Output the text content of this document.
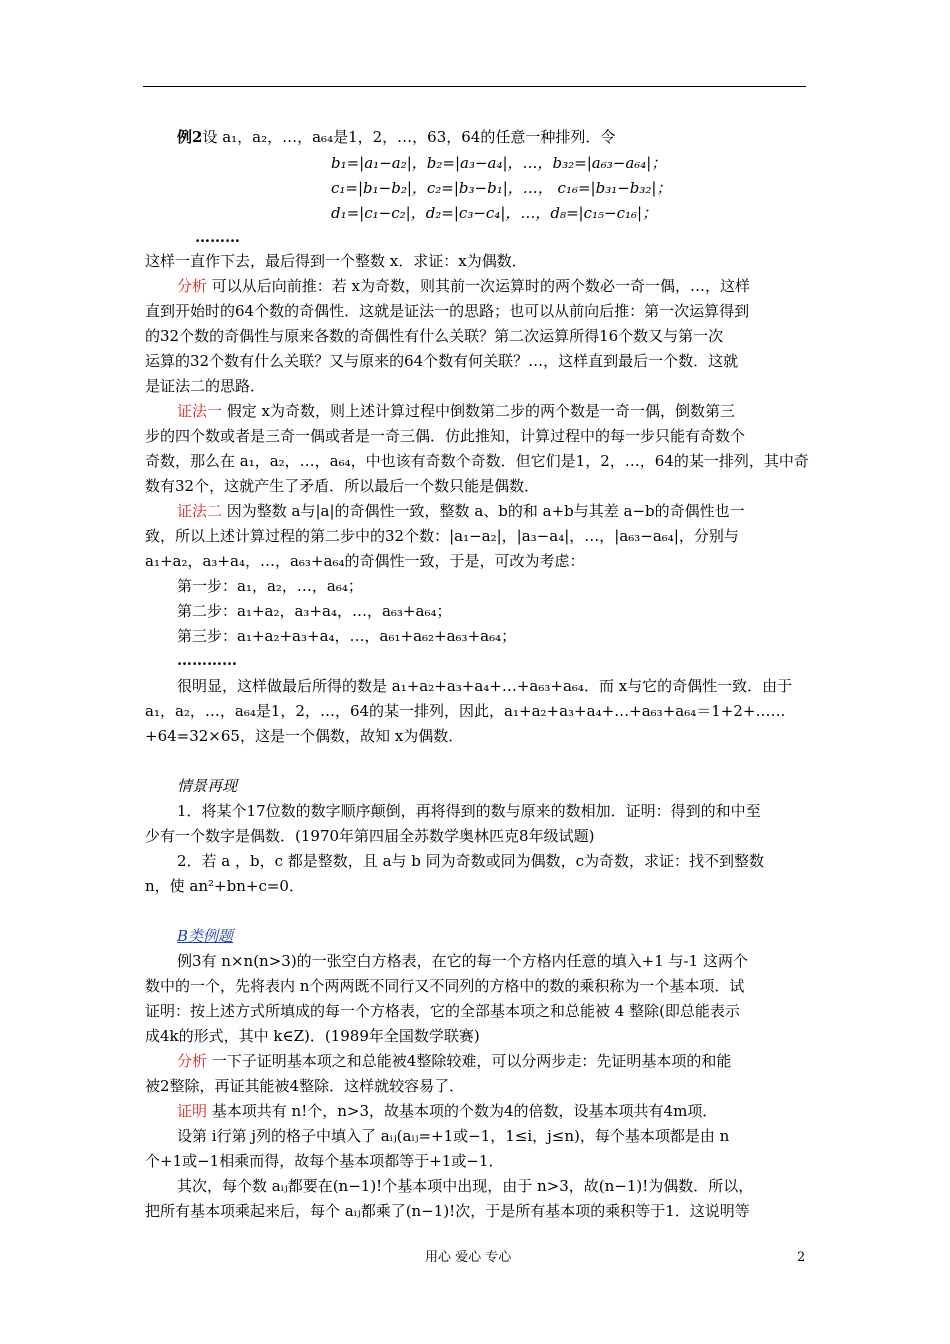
例2设 a₁，a₂，…，a₆₄是1，2，…，63，64的任意一种排列．令
b₁=|a₁−a₂|，b₂=|a₃−a₄|，…，b₃₂=|a₆₃−a₆₄|；
c₁=|b₁−b₂|，c₂=|b₃−b₁|，…， c₁₆=|b₃₁−b₃₂|；
d₁=|c₁−c₂|，d₂=|c₃−c₄|，…，d₈=|c₁₅−c₁₆|；
………
这样一直作下去，最后得到一个整数 x．求证：x为偶数．
分析 可以从后向前推：若 x为奇数，则其前一次运算时的两个数必一奇一偶，…，这样
直到开始时的64个数的奇偶性．这就是证法一的思路；也可以从前向后推：第一次运算得到
的32个数的奇偶性与原来各数的奇偶性有什么关联？第二次运算所得16个数又与第一次
运算的32个数有什么关联？又与原来的64个数有何关联？…，这样直到最后一个数．这就
是证法二的思路．
证法一 假定 x为奇数，则上述计算过程中倒数第二步的两个数是一奇一偶，倒数第三
步的四个数或者是三奇一偶或者是一奇三偶．仿此推知，计算过程中的每一步只能有奇数个
奇数，那么在 a₁，a₂，…，a₆₄，中也该有奇数个奇数．但它们是1，2，…，64的某一排列，其中奇
数有32个，这就产生了矛盾．所以最后一个数只能是偶数．
证法二 因为整数 a与|a|的奇偶性一致，整数 a、b的和 a+b与其差 a−b的奇偶性也一
致，所以上述计算过程的第二步中的32个数：|a₁−a₂|，|a₃−a₄|，…，|a₆₃−a₆₄|，分别与
a₁+a₂，a₃+a₄，…，a₆₃+a₆₄的奇偶性一致，于是，可改为考虑：
第一步：a₁，a₂，…，a₆₄；
第二步：a₁+a₂，a₃+a₄，…，a₆₃+a₆₄；
第三步：a₁+a₂+a₃+a₄，…，a₆₁+a₆₂+a₆₃+a₆₄；
…………
很明显，这样做最后所得的数是 a₁+a₂+a₃+a₄+…+a₆₃+a₆₄．而 x与它的奇偶性一致．由于
a₁，a₂，…，a₆₄是1，2，…，64的某一排列，因此，a₁+a₂+a₃+a₄+…+a₆₃+a₆₄＝1+2+……
+64=32×65，这是一个偶数，故知 x为偶数．
情景再现
1．将某个17位数的数字顺序颠倒，再将得到的数与原来的数相加．证明：得到的和中至
少有一个数字是偶数．(1970年第四届全苏数学奥林匹克8年级试题)
2．若 a ，b，c 都是整数，且 a与 b 同为奇数或同为偶数，c为奇数，求证：找不到整数
n，使 an²+bn+c=0．
B类例题
例3有 n×n(n>3)的一张空白方格表，在它的每一个方格内任意的填入+1 与-1 这两个
数中的一个，先将表内 n个两两既不同行又不同列的方格中的数的乘积称为一个基本项．试
证明：按上述方式所填成的每一个方格表，它的全部基本项之和总能被 4 整除(即总能表示
成4k的形式，其中 k∈Z)．(1989年全国数学联赛)
分析 一下子证明基本项之和总能被4整除较难，可以分两步走：先证明基本项的和能
被2整除，再证其能被4整除．这样就较容易了．
证明 基本项共有 n!个，n>3，故基本项的个数为4的倍数，设基本项共有4m项．
设第 i行第 j列的格子中填入了 aᵢⱼ(aᵢⱼ=+1或−1，1≤i，j≤n)，每个基本项都是由 n
个+1或−1相乘而得，故每个基本项都等于+1或−1．
其次，每个数 aᵢⱼ都要在(n−1)!个基本项中出现，由于 n>3，故(n−1)!为偶数．所以，
把所有基本项乘起来后，每个 aᵢⱼ都乘了(n−1)!次，于是所有基本项的乘积等于1．这说明等
用心 爱心 专心	2
